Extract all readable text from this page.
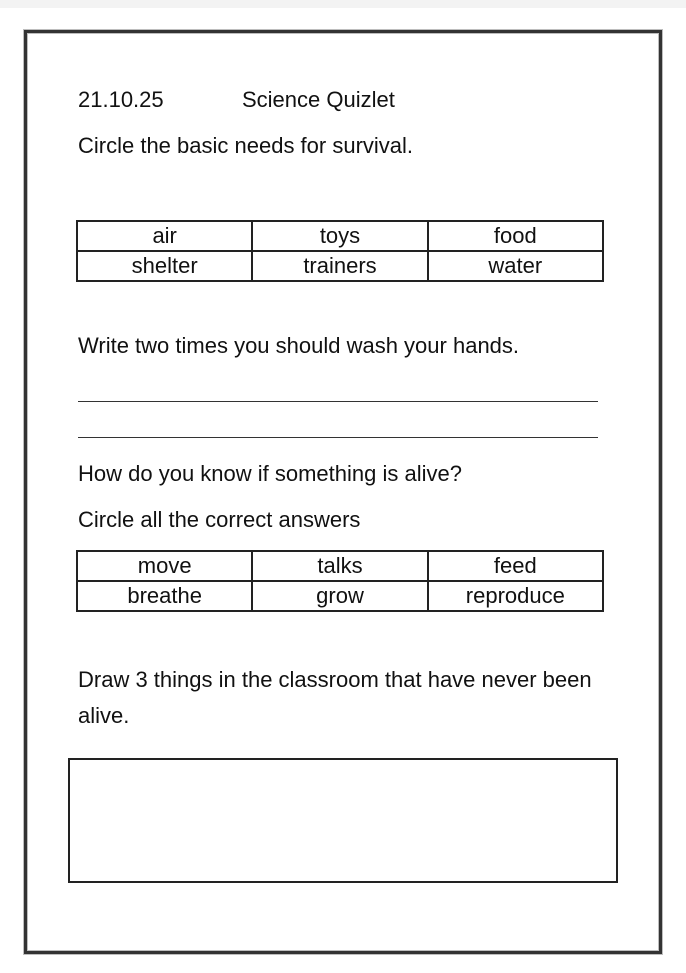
21.10.25	Science Quizlet
Circle the basic needs for survival.
air	toys	food
shelter	trainers	water
Write two times you should wash your hands.
How do you know if something is alive?
Circle all the correct answers
move	talks	feed
breathe	grow	reproduce
Draw 3 things in the classroom that have never been alive.
